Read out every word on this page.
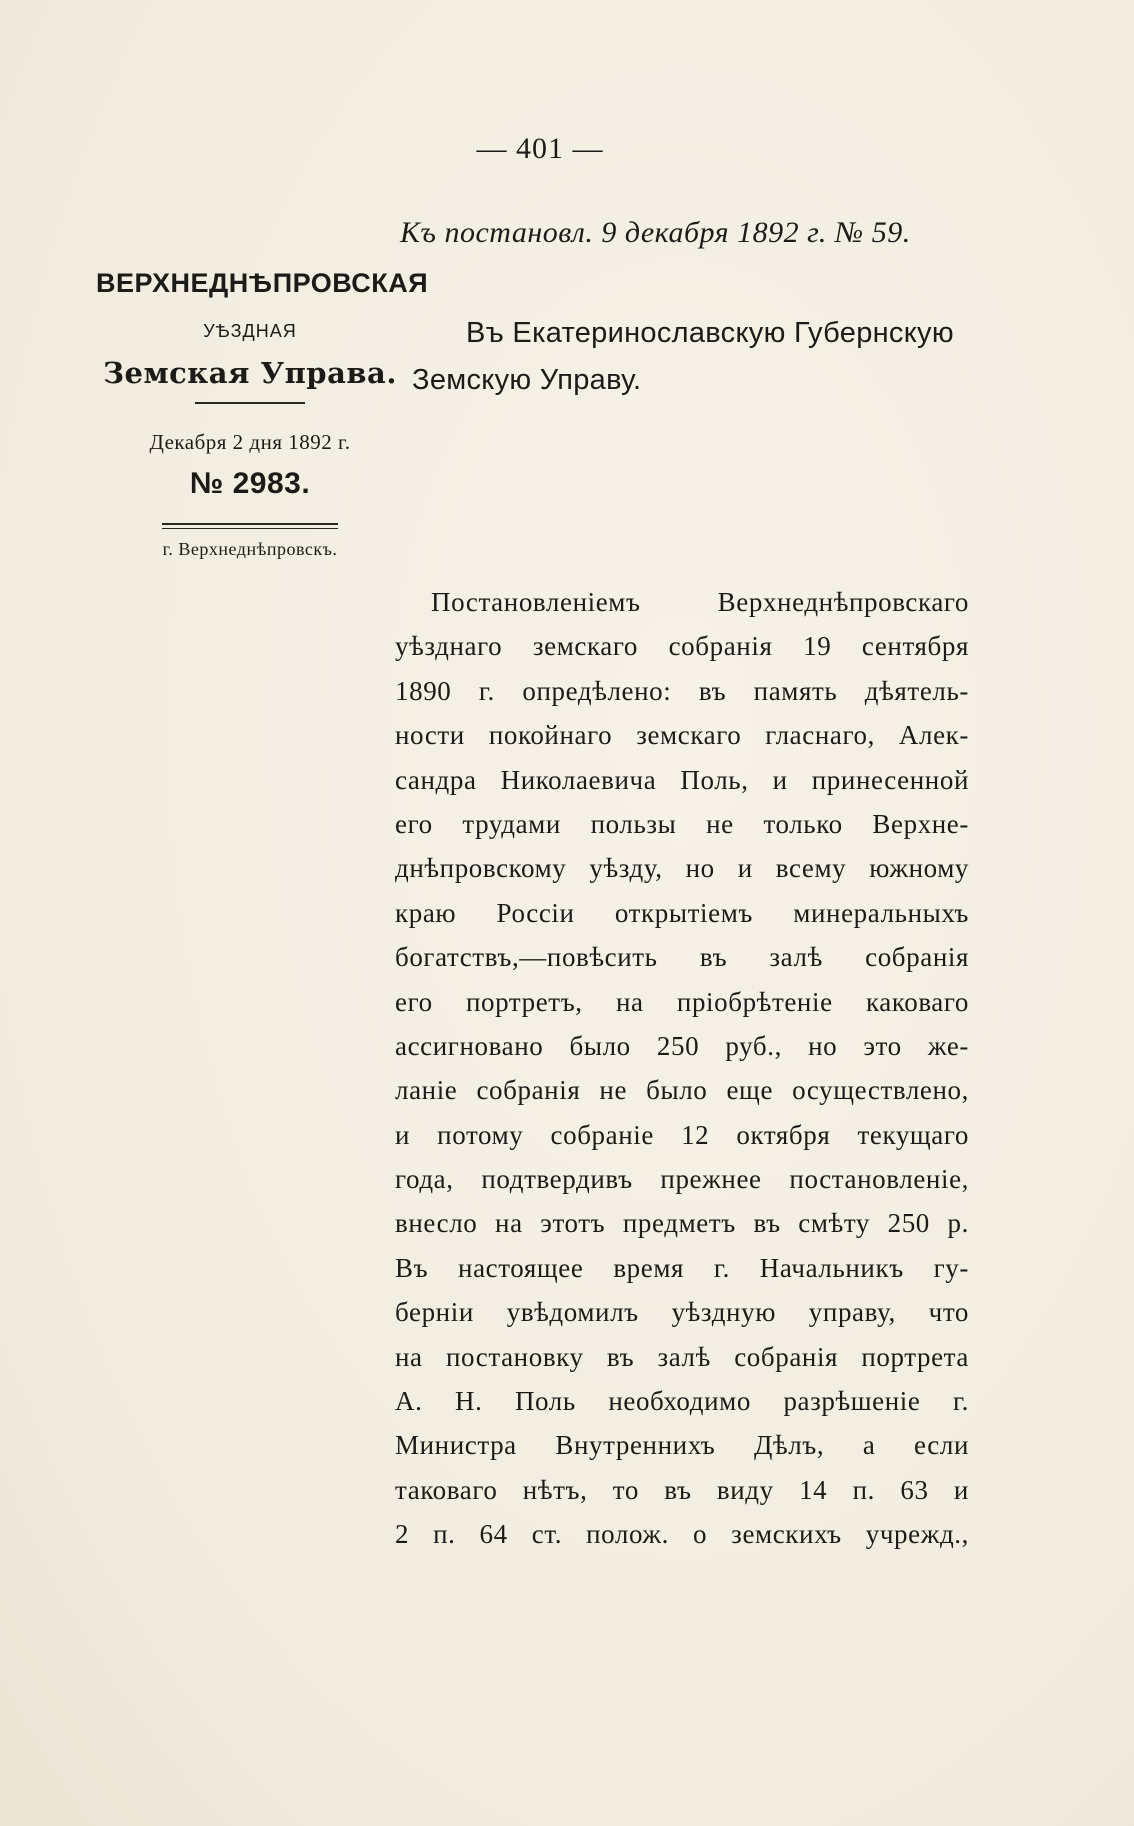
— 401 —
Къ постановл. 9 декабря 1892 г. № 59.
ВЕРХНЕДНѢПРОВСКАЯ
УѢЗДНАЯ
Земская Управа.
Декабря 2 дня 1892 г.
№ 2983.
г. Верхнеднѣпровскъ.
Въ Екатеринославскую Губернскую
Земскую Управу.
Постановленіемъ Верхнеднѣпровскаго
уѣзднаго земскаго собранія 19 сентября
1890 г. опредѣлено: въ память дѣятель-
ности покойнаго земскаго гласнаго, Алек-
сандра Николаевича Поль, и принесенной
его трудами пользы не только Верхне-
днѣпровскому уѣзду, но и всему южному
краю Россіи открытіемъ минеральныхъ
богатствъ,—повѣсить въ залѣ собранія
его портретъ, на пріобрѣтеніе каковаго
ассигновано было 250 руб., но это же-
ланіе собранія не было еще осуществлено,
и потому собраніе 12 октября текущаго
года, подтвердивъ прежнее постановленіе,
внесло на этотъ предметъ въ смѣту 250 р.
Въ настоящее время г. Начальникъ гу-
берніи увѣдомилъ уѣздную управу, что
на постановку въ залѣ собранія портрета
А. Н. Поль необходимо разрѣшеніе г.
Министра Внутреннихъ Дѣлъ, а если
таковаго нѣтъ, то въ виду 14 п. 63 и
2 п. 64 ст. полож. о земскихъ учрежд.,
